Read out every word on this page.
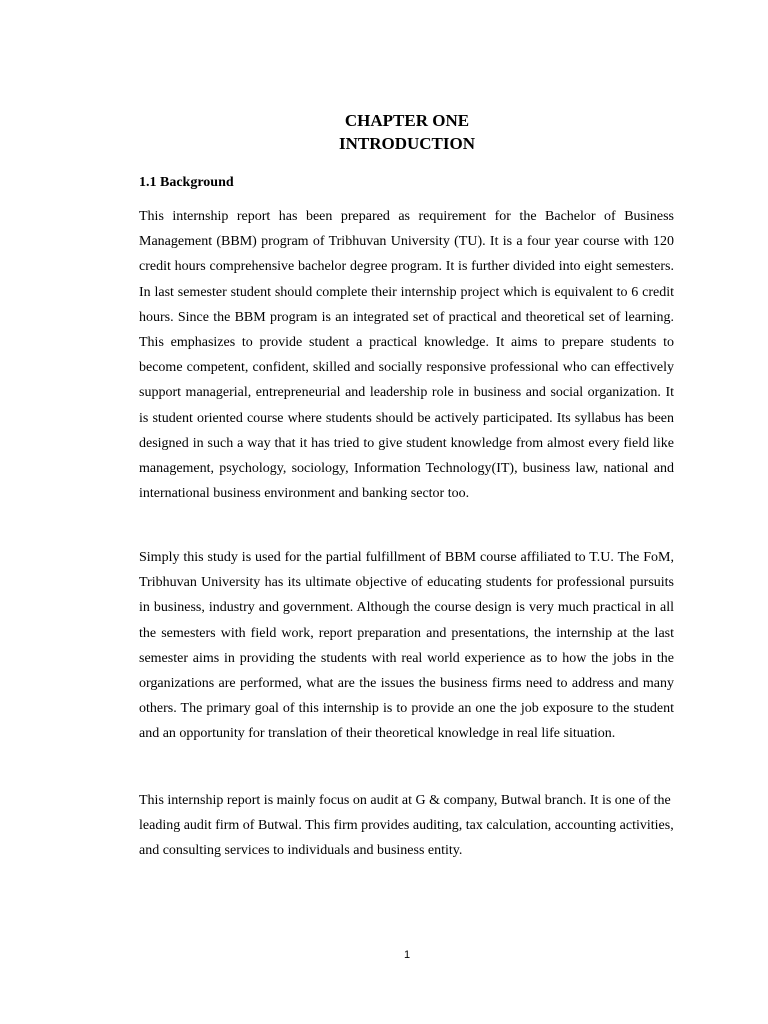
CHAPTER ONE
INTRODUCTION
1.1 Background

This internship report has been prepared as requirement for the Bachelor of Business Management (BBM) program of Tribhuvan University (TU). It is a four year course with 120 credit hours comprehensive bachelor degree program. It is further divided into eight semesters. In last semester student should complete their internship project which is equivalent to 6 credit hours. Since the BBM program is an integrated set of practical and theoretical set of learning. This emphasizes to provide student a practical knowledge. It aims to prepare students to become competent, confident, skilled and socially responsive professional who can effectively support managerial, entrepreneurial and leadership role in business and social organization. It is student oriented course where students should be actively participated. Its syllabus has been designed in such a way that it has tried to give student knowledge from almost every field like management, psychology, sociology, Information Technology(IT), business law, national and international business environment and banking sector too.

Simply this study is used for the partial fulfillment of BBM course affiliated to T.U. The FoM, Tribhuvan University has its ultimate objective of educating students for professional pursuits in business, industry and government. Although the course design is very much practical in all the semesters with field work, report preparation and presentations, the internship at the last semester aims in providing the students with real world experience as to how the jobs in the organizations are performed, what are the issues the business firms need to address and many others. The primary goal of this internship is to provide an one the job exposure to the student and an opportunity for translation of their theoretical knowledge in real life situation.

This internship report is mainly focus on audit at G & company, Butwal branch. It is one of the leading audit firm of Butwal. This firm provides auditing, tax calculation, accounting activities, and consulting services to individuals and business entity.

1
